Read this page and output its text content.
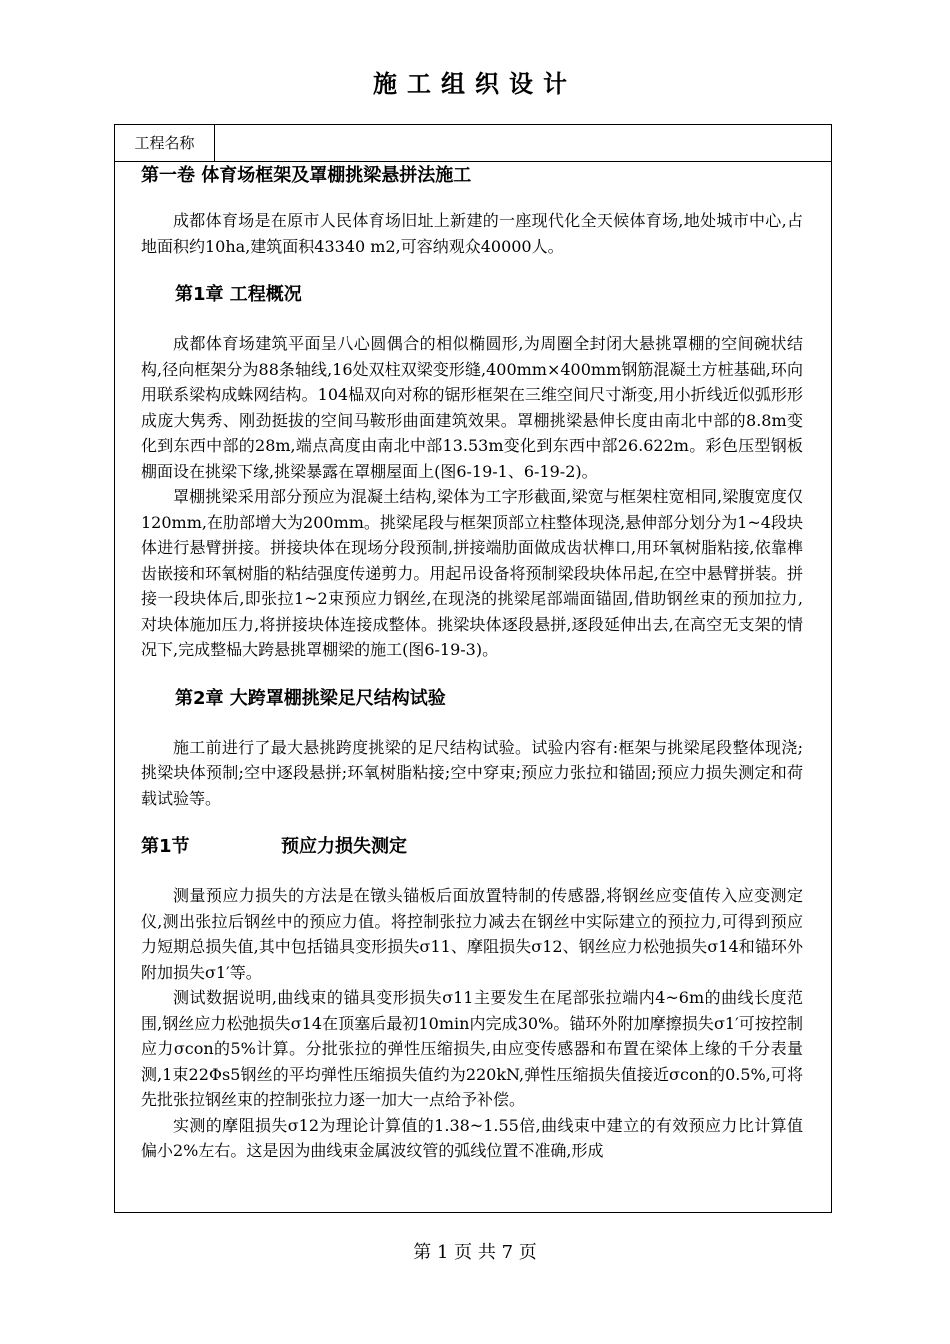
施工组织设计
工程名称
第一卷 体育场框架及罩棚挑梁悬拼法施工

成都体育场是在原市人民体育场旧址上新建的一座现代化全天候体育场,地处城市中心,占地面积约10ha,建筑面积43340 m2,可容纳观众40000人。

第1章 工程概况

成都体育场建筑平面呈八心圆偶合的相似椭圆形,为周圈全封闭大悬挑罩棚的空间碗状结构,径向框架分为88条轴线,16处双柱双梁变形缝,400mm×400mm钢筋混凝土方桩基础,环向用联系梁构成蛛网结构。104榀双向对称的锯形框架在三维空间尺寸渐变,用小折线近似弧形形成庞大隽秀、刚劲挺拔的空间马鞍形曲面建筑效果。罩棚挑梁悬伸长度由南北中部的8.8m变化到东西中部的28m,端点高度由南北中部13.53m变化到东西中部26.622m。彩色压型钢板棚面设在挑梁下缘,挑梁暴露在罩棚屋面上(图6-19-1、6-19-2)。

罩棚挑梁采用部分预应为混凝土结构,梁体为工字形截面,梁宽与框架柱宽相同,梁腹宽度仅120mm,在肋部增大为200mm。挑梁尾段与框架顶部立柱整体现浇,悬伸部分划分为1~4段块体进行悬臂拼接。拼接块体在现场分段预制,拼接端肋面做成齿状榫口,用环氧树脂粘接,依靠榫齿嵌接和环氧树脂的粘结强度传递剪力。用起吊设备将预制梁段块体吊起,在空中悬臂拼装。拼接一段块体后,即张拉1~2束预应力钢丝,在现浇的挑梁尾部端面锚固,借助钢丝束的预加拉力,对块体施加压力,将拼接块体连接成整体。挑梁块体逐段悬拼,逐段延伸出去,在高空无支架的情况下,完成整榀大跨悬挑罩棚梁的施工(图6-19-3)。

第2章 大跨罩棚挑梁足尺结构试验

施工前进行了最大悬挑跨度挑梁的足尺结构试验。试验内容有:框架与挑梁尾段整体现浇;挑梁块体预制;空中逐段悬拼;环氧树脂粘接;空中穿束;预应力张拉和锚固;预应力损失测定和荷载试验等。

第1节	预应力损失测定

测量预应力损失的方法是在镦头锚板后面放置特制的传感器,将钢丝应变值传入应变测定仪,测出张拉后钢丝中的预应力值。将控制张拉力减去在钢丝中实际建立的预拉力,可得到预应力短期总损失值,其中包括锚具变形损失σ11、摩阻损失σ12、钢丝应力松弛损失σ14和锚环外附加损失σ1′等。

测试数据说明,曲线束的锚具变形损失σ11主要发生在尾部张拉端内4~6m的曲线长度范围,钢丝应力松弛损失σ14在顶塞后最初10min内完成30%。锚环外附加摩擦损失σ1′可按控制应力σcon的5%计算。分批张拉的弹性压缩损失,由应变传感器和布置在梁体上缘的千分表量测,1束22Φs5钢丝的平均弹性压缩损失值约为220kN,弹性压缩损失值接近σcon的0.5%,可将先批张拉钢丝束的控制张拉力逐一加大一点给予补偿。

实测的摩阻损失σ12为理论计算值的1.38~1.55倍,曲线束中建立的有效预应力比计算值偏小2%左右。这是因为曲线束金属波纹管的弧线位置不准确,形成

第 1 页 共 7 页
